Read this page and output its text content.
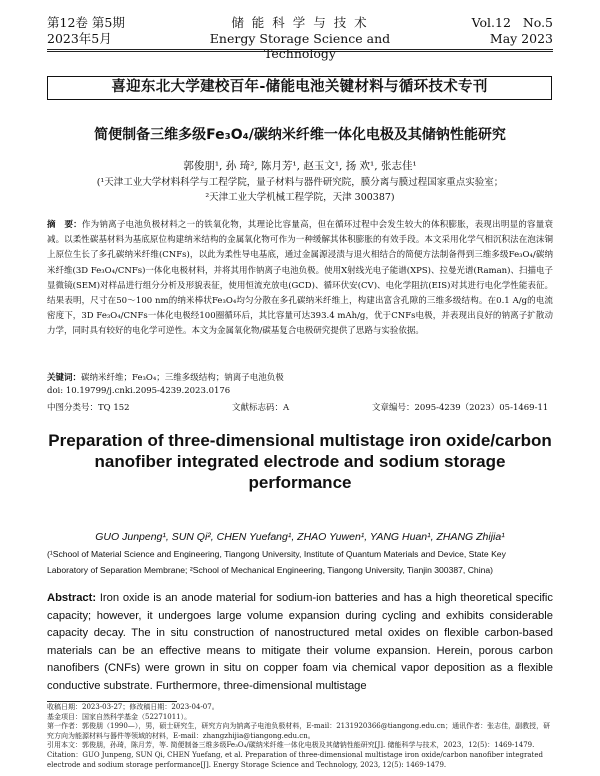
第12卷 第5期
2023年5月
储 能 科 学 与 技 术
Energy Storage Science and Technology
Vol.12   No.5
May 2023
喜迎东北大学建校百年-储能电池关键材料与循环技术专刊
简便制备三维多级Fe₃O₄/碳纳米纤维一体化电极及其储钠性能研究
郭俊朋¹, 孙 琦², 陈月芳¹, 赵玉文¹, 扬 欢¹, 张志佳¹
(¹天津工业大学材料科学与工程学院，量子材料与器件研究院，膜分离与膜过程国家重点实验室；
²天津工业大学机械工程学院，天津 300387)
摘　要：作为钠离子电池负极材料之一的铁氧化物，其理论比容量高，但在循环过程中会发生较大的体积膨胀，表现出明显的容量衰减。以柔性碳基材料为基底原位构建纳米结构的金属氧化物可作为一种缓解其体积膨胀的有效手段。本文采用化学气相沉积法在泡沫铜上原位生长了多孔碳纳米纤维(CNFs)，以此为柔性导电基底，通过金属源浸渍与退火相结合的简便方法制备得到三维多级Fe₃O₄/碳纳米纤维(3D Fe₃O₄/CNFs)一体化电极材料，并将其用作钠离子电池负极。使用X射线光电子能谱(XPS)、拉曼光谱(Raman)、扫描电子显微镜(SEM)对样品进行组分分析及形貌表征，使用恒流充放电(GCD)、循环伏安(CV)、电化学阻抗(EIS)对其进行电化学性能表征。结果表明，尺寸在50～100 nm的纳米棒状Fe₃O₄均匀分散在多孔碳纳米纤维上，构建出富含孔隙的三维多级结构。在0.1 A/g的电流密度下，3D Fe₃O₄/CNFs一体化电极经100圈循环后，其比容量可达393.4 mAh/g，优于CNFs电极，并表现出良好的钠离子扩散动力学，同时具有较好的电化学可逆性。本文为金属氧化物/碳基复合电极研究提供了思路与实验依据。
关键词：碳纳米纤维；Fe₃O₄；三维多级结构；钠离子电池负极
doi: 10.19799/j.cnki.2095-4239.2023.0176
中图分类号：TQ 152	文献标志码：A	文章编号：2095-4239（2023）05-1469-11
Preparation of three-dimensional multistage iron oxide/carbon nanofiber integrated electrode and sodium storage performance
GUO Junpeng¹, SUN Qi², CHEN Yuefang¹, ZHAO Yuwen¹, YANG Huan¹, ZHANG Zhijia¹
(¹School of Material Science and Engineering, Tiangong University, Institute of Quantum Materials and Device, State Key
Laboratory of Separation Membrane; ²School of Mechanical Engineering, Tiangong University, Tianjin 300387, China)
Abstract: Iron oxide is an anode material for sodium-ion batteries and has a high theoretical specific capacity; however, it undergoes large volume expansion during cycling and exhibits considerable capacity decay. The in situ construction of nanostructured metal oxides on flexible carbon-based materials can be an effective means to mitigate their volume expansion. Herein, porous carbon nanofibers (CNFs) were grown in situ on copper foam via chemical vapor deposition as a flexible conductive substrate. Furthermore, three-dimensional multistage
收稿日期：2023-03-27；修改稿日期：2023-04-07。
基金项目：国家自然科学基金（52271011）。
第一作者：郭俊朋（1990—），男，硕士研究生，研究方向为钠离子电池负极材料，E-mail：2131920366@tiangong.edu.cn；通讯作者：张志佳，副教授，研究方向为能源材料与器件等领域的材料，E-mail：zhangzhijia@tiangong.edu.cn。
引用本文：郭俊朋，孙琦，陈月芳，等. 简便制备三维多级Fe₃O₄/碳纳米纤维一体化电极及其储钠性能研究[J]. 储能科学与技术，2023，12(5)：1469-1479.
Citation：GUO Junpeng, SUN Qi, CHEN Yuefang, et al. Preparation of three-dimensional multistage iron oxide/carbon nanofiber integrated electrode and sodium storage performance[J]. Energy Storage Science and Technology, 2023, 12(5): 1469-1479.
